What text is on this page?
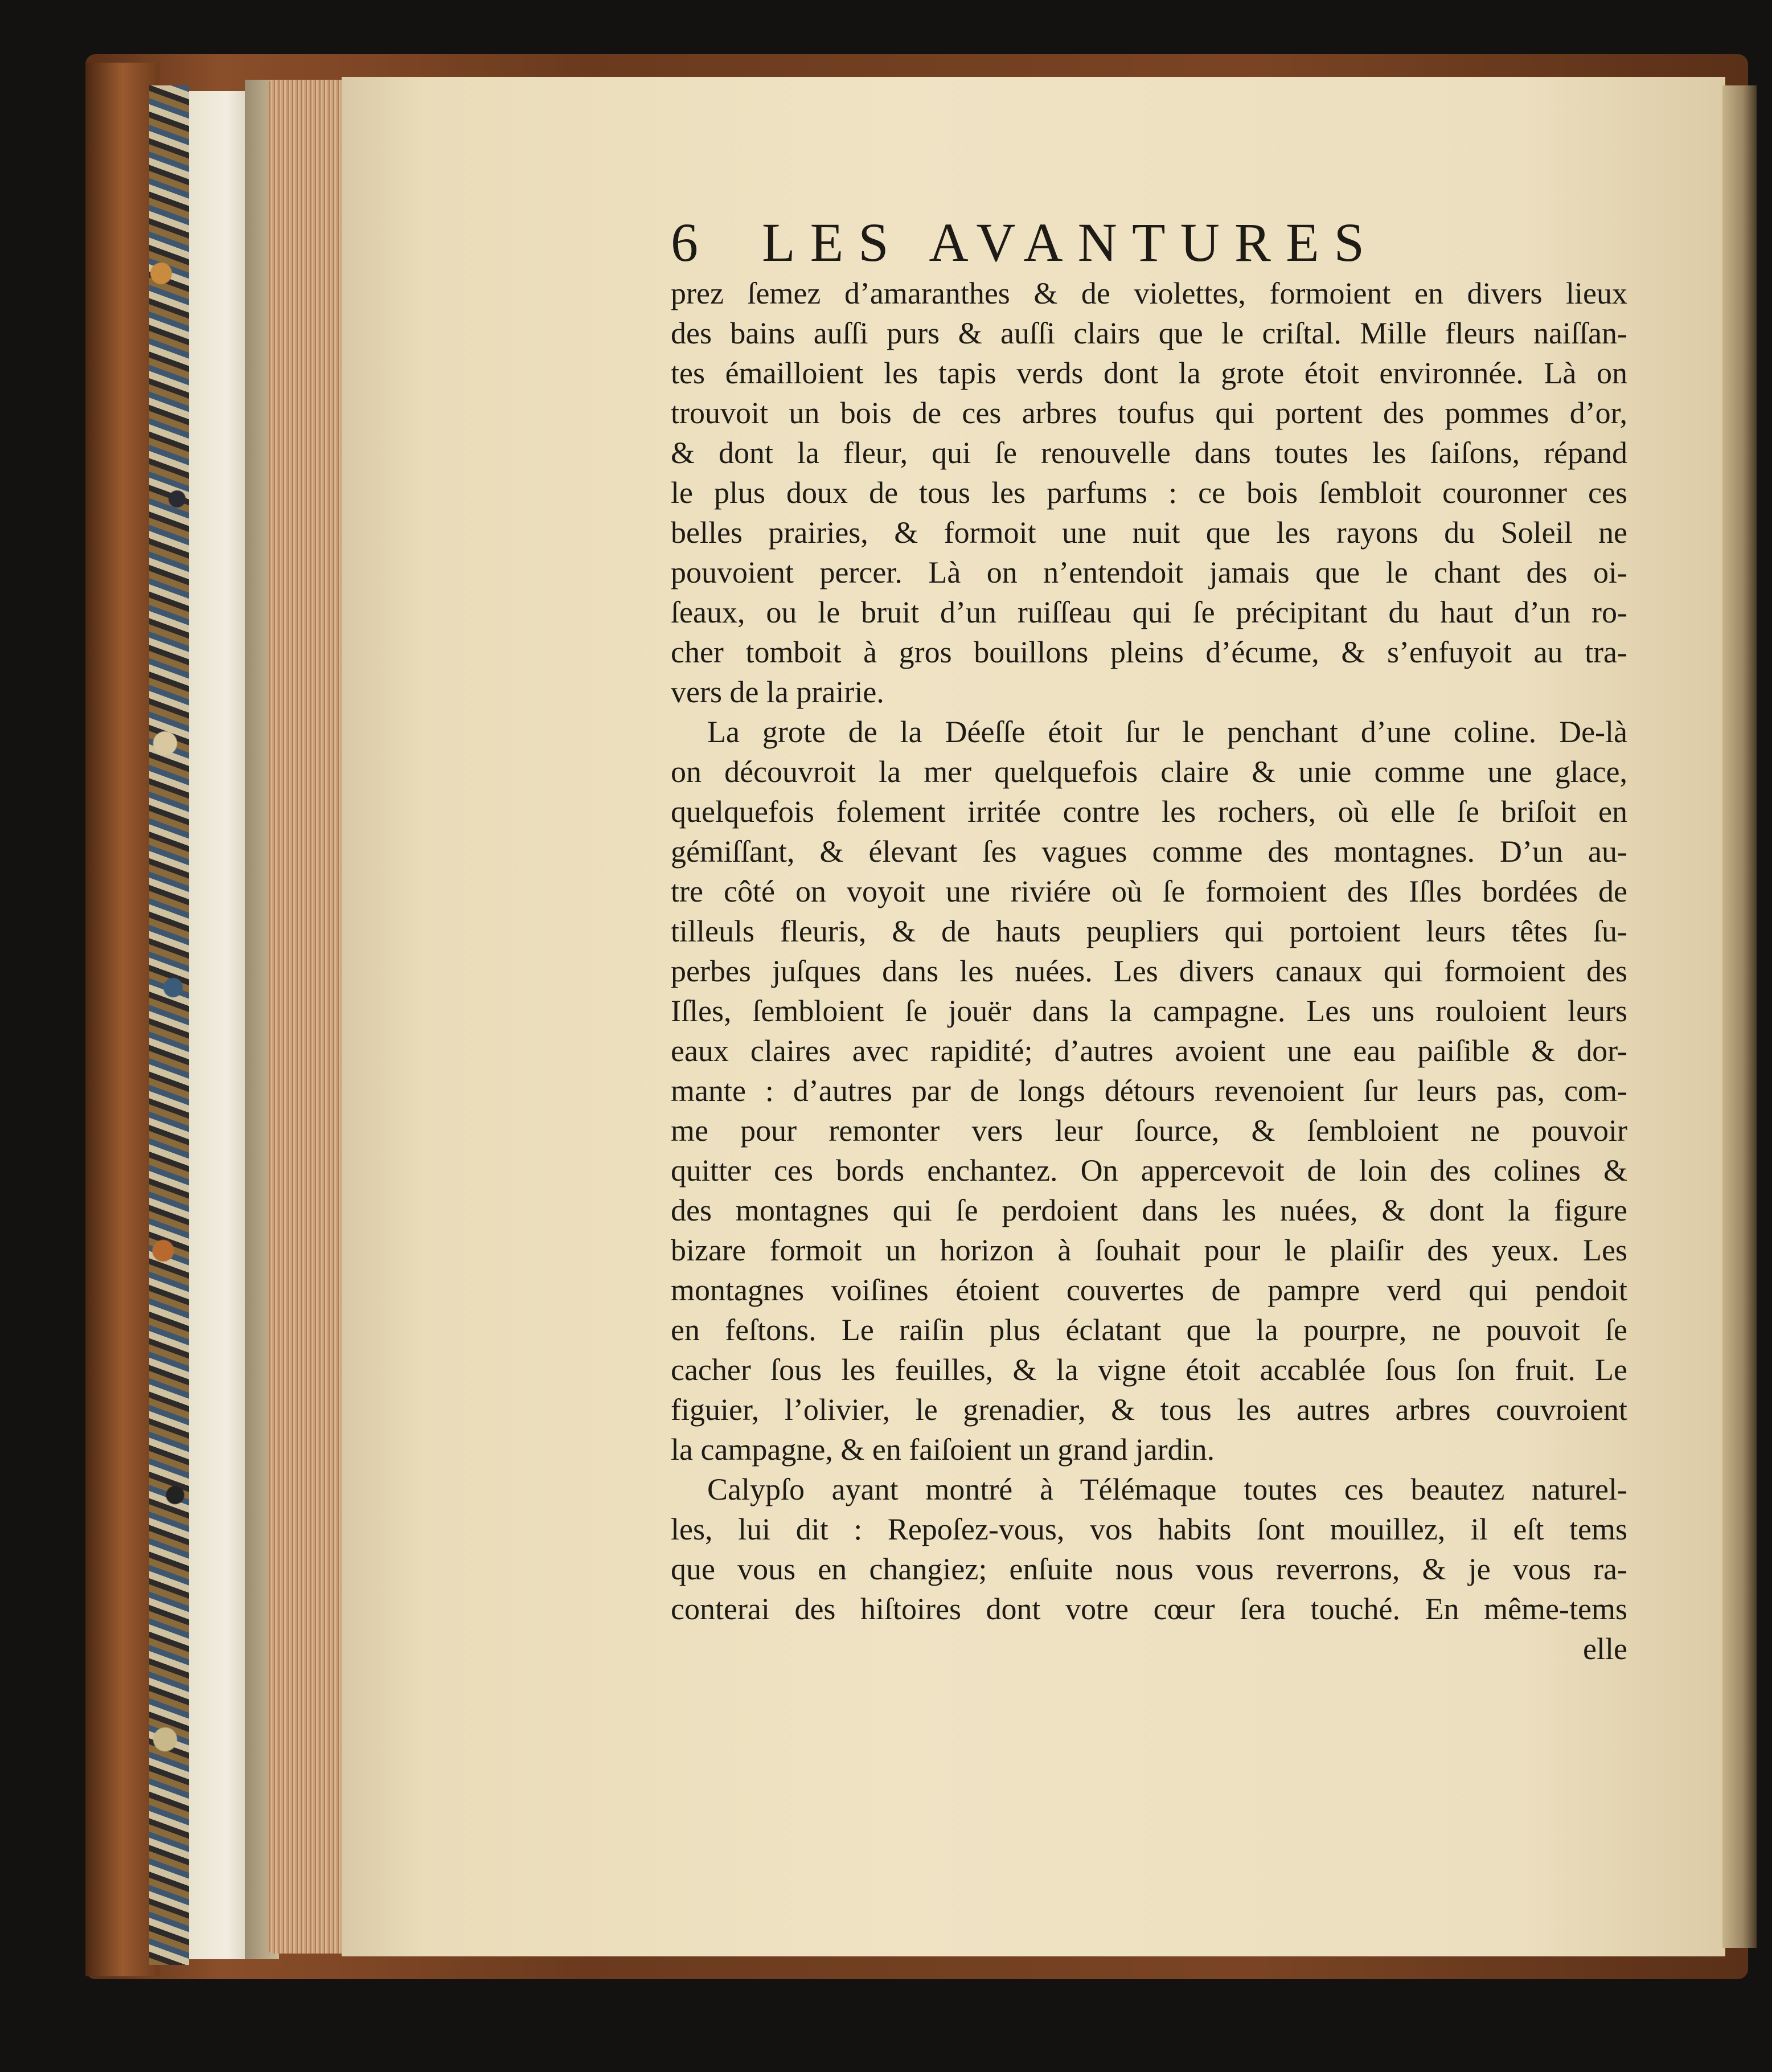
6	LES AVANTURES
prez ſemez d’amaranthes & de violettes, formoient en divers lieux
des bains auſſi purs & auſſi clairs que le criſtal. Mille fleurs naiſſan-
tes émailloient les tapis verds dont la grote étoit environnée. Là on
trouvoit un bois de ces arbres toufus qui portent des pommes d’or,
& dont la fleur, qui ſe renouvelle dans toutes les ſaiſons, répand
le plus doux de tous les parfums : ce bois ſembloit couronner ces
belles prairies, & formoit une nuit que les rayons du Soleil ne
pouvoient percer. Là on n’entendoit jamais que le chant des oi-
ſeaux, ou le bruit d’un ruiſſeau qui ſe précipitant du haut d’un ro-
cher tomboit à gros bouillons pleins d’écume, & s’enfuyoit au tra-
vers de la prairie.
La grote de la Déeſſe étoit ſur le penchant d’une coline. De-là
on découvroit la mer quelquefois claire & unie comme une glace,
quelquefois folement irritée contre les rochers, où elle ſe briſoit en
gémiſſant, & élevant ſes vagues comme des montagnes. D’un au-
tre côté on voyoit une riviére où ſe formoient des Iſles bordées de
tilleuls fleuris, & de hauts peupliers qui portoient leurs têtes ſu-
perbes juſques dans les nuées. Les divers canaux qui formoient des
Iſles, ſembloient ſe jouër dans la campagne. Les uns rouloient leurs
eaux claires avec rapidité; d’autres avoient une eau paiſible & dor-
mante : d’autres par de longs détours revenoient ſur leurs pas, com-
me pour remonter vers leur ſource, & ſembloient ne pouvoir
quitter ces bords enchantez. On appercevoit de loin des colines &
des montagnes qui ſe perdoient dans les nuées, & dont la figure
bizare formoit un horizon à ſouhait pour le plaiſir des yeux. Les
montagnes voiſines étoient couvertes de pampre verd qui pendoit
en feſtons. Le raiſin plus éclatant que la pourpre, ne pouvoit ſe
cacher ſous les feuilles, & la vigne étoit accablée ſous ſon fruit. Le
figuier, l’olivier, le grenadier, & tous les autres arbres couvroient
la campagne, & en faiſoient un grand jardin.
Calypſo ayant montré à Télémaque toutes ces beautez naturel-
les, lui dit : Repoſez-vous, vos habits ſont mouillez, il eſt tems
que vous en changiez; enſuite nous vous reverrons, & je vous ra-
conterai des hiſtoires dont votre cœur ſera touché. En même-tems
elle
